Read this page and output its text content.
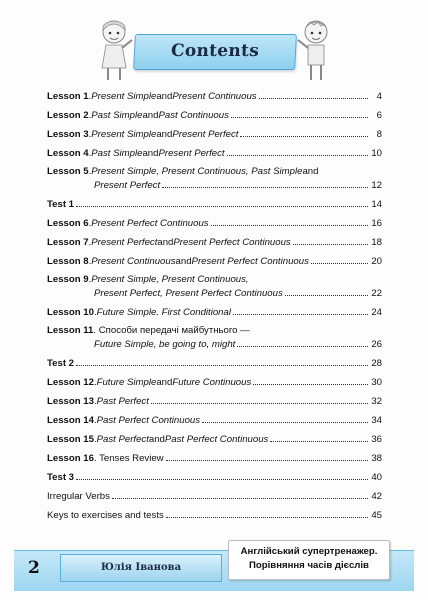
Contents
Lesson 1 . Present Simple and Present Continuous	4
Lesson 2 . Past Simple and Past Continuous	6
Lesson 3 . Present Simple and Present Perfect	8
Lesson 4 . Past Simple and Present Perfect	10
Lesson 5 . Present Simple, Present Continuous, Past Simple and
Present Perfect	12
Test 1	14
Lesson 6 . Present Perfect Continuous	16
Lesson 7 . Present Perfect and Present Perfect Continuous	18
Lesson 8 . Present Continuous and Present Perfect Continuous	20
Lesson 9 . Present Simple, Present Continuous,
Present Perfect, Present Perfect Continuous	22
Lesson 10 . Future Simple. First Conditional	24
Lesson 11 . Способи передачі майбутнього —
Future Simple, be going to, might	26
Test 2	28
Lesson 12 . Future Simple and Future Continuous	30
Lesson 13 . Past Perfect	32
Lesson 14 . Past Perfect Continuous	34
Lesson 15 . Past Perfect and Past Perfect Continuous	36
Lesson 16 . Tenses Review	38
Test 3	40
Irregular Verbs	42
Keys to exercises and tests	45
2	Юлія Іванова
Англійський супертренажер.
Порівняння часів дієслів
